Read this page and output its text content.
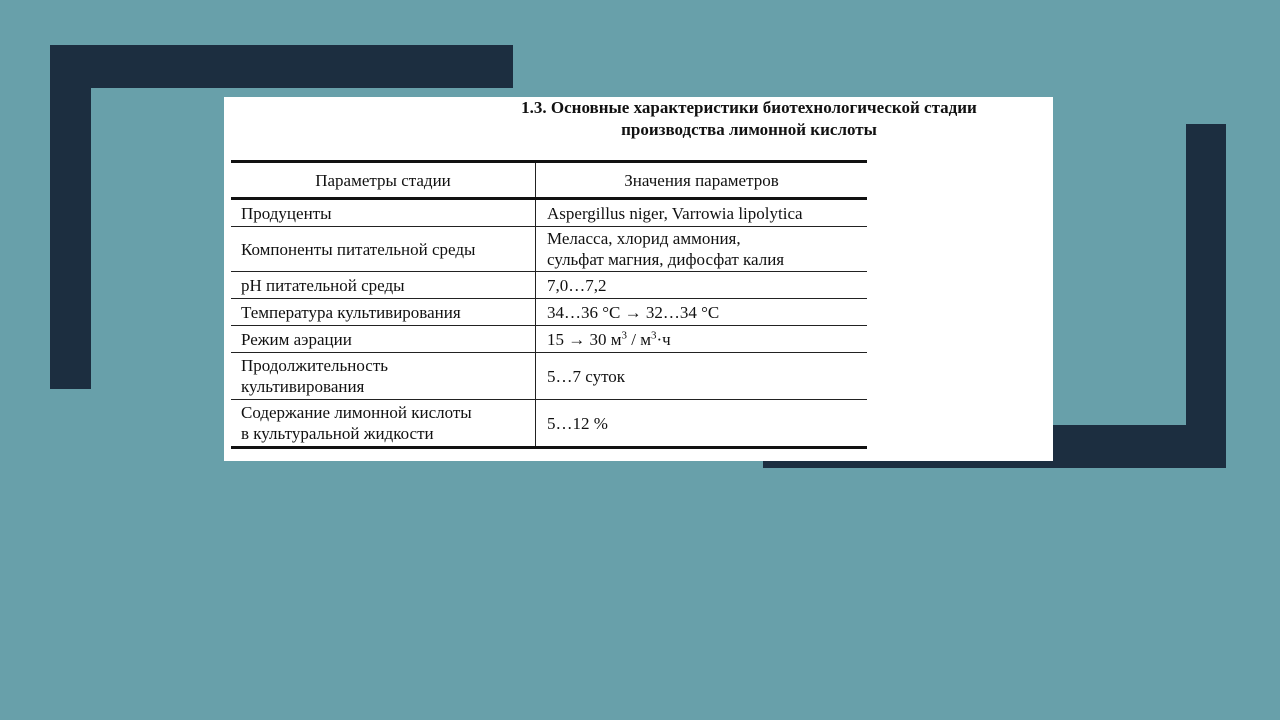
1.3. Основные характеристики биотехнологической стадии
производства лимонной кислоты
Параметры стадии	Значения параметров

Продуценты	Aspergillus niger, Varrowia lipolytica

Компоненты питательной среды	Меласса, хлорид аммония,
сульфат магния, дифосфат калия

pH питательной среды	7,0…7,2

Температура культивирования	34…36 °С → 32…34 °С

Режим аэрации	15 → 30 $м^3 / м^3\cdot ч$

Продолжительность
культивирования	5…7 суток

Содержание лимонной кислоты
в культуральной жидкости	5…12 %
